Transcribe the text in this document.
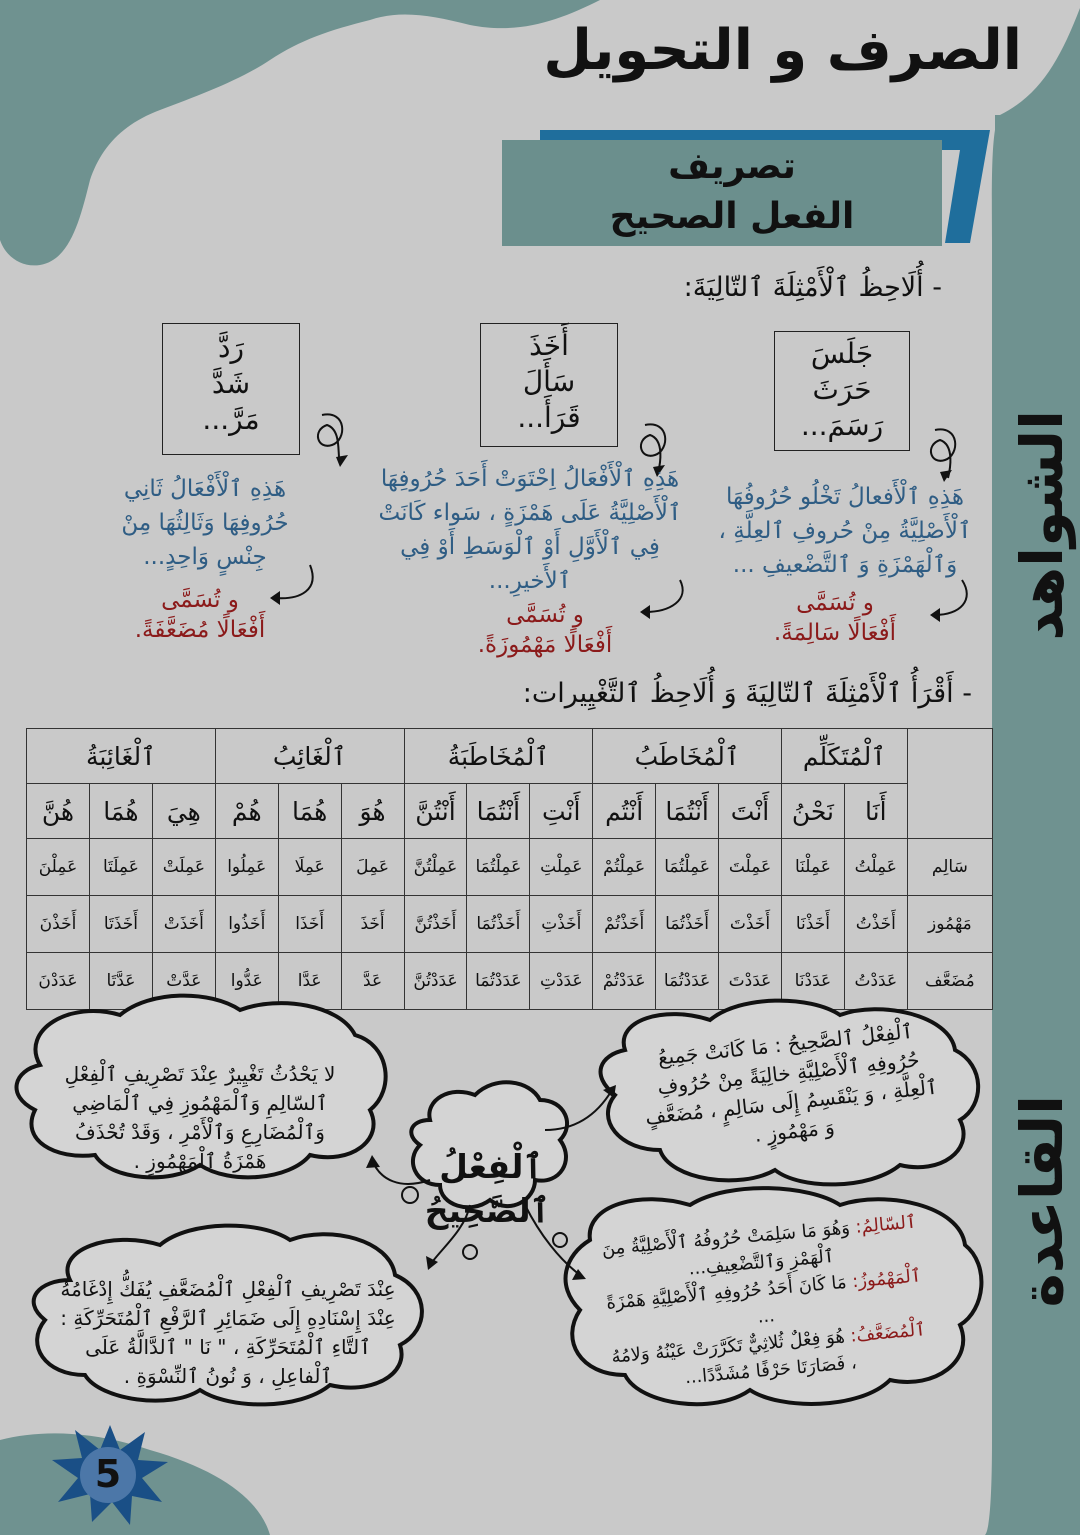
الصرف و التحويل
تصريف
الفعل الصحيح
الشواهد
القاعدة
- أُلَاحِظُ ٱلْأَمْثِلَةَ ٱلتّالِيَةَ:
جَلَسَ
حَرَثَ
رَسَمَ...
أَخَذَ
سَأَلَ
قَرَأَ...
رَدَّ
شَدَّ
مَرَّ...
هَذِهِ ٱلْأَفعالُ تَخْلُو حُرُوفُهَا ٱلْأَصْلِيَّةُ مِنْ حُروفِ ٱلعِلَّةِ ، وَٱلْهَمْزَةِ وَ ٱلتَّضْعيفِ ...
هَذِهِ ٱلْأَفْعَالُ اِحْتَوَتْ أَحَدَ حُرُوفِهَا ٱلْأَصْلِيَّةُ عَلَى هَمْزَةٍ ، سَواء كَانَتْ فِي ٱلْأَوَّلِ أَوْ ٱلْوَسَطِ أَوْ فِي ٱلأَخيرِ...
هَذِهِ ٱلْأَفْعَالُ ثَانِي حُرُوفِهَا وَثَالِثُهَا مِنْ جِنْسٍ وَاحِدٍ...
و تُسَمَّى
أَفْعَالًا سَالِمَةً.
و تُسَمَّى
أَفْعَالًا مَهْمُوزَةً.
و تُسَمَّى
أَفْعَالًا مُضَعَّفَةً.
- أَقْرَأُ ٱلْأَمْثِلَةَ ٱلتّالِيَةَ وَ أُلَاحِظُ ٱلتَّغْيِيرات:
	ٱلْمُتَكَلِّم		ٱلْمُخَاطَبُ			ٱلْمُخَاطَبَةُ			ٱلْغَائِبُ			ٱلْغَائِبَةُ		
	أَنَا	نَحْنُ	أَنْتَ	أَنْتُمَا	أَنْتُم	أَنْتِ	أَنْتُمَا	أَنْتُنَّ	هُوَ	هُمَا	هُمْ	هِيَ	هُمَا	هُنَّ
سَالِم	عَمِلْتُ	عَمِلْنَا	عَمِلْتَ	عَمِلْتُمَا	عَمِلْتُمْ	عَمِلْتِ	عَمِلْتُمَا	عَمِلْتُنَّ	عَمِلَ	عَمِلَا	عَمِلُوا	عَمِلَتْ	عَمِلَتَا	عَمِلْنَ
مَهْمُوز	أَخَذْتُ	أَخَذْنَا	أَخَذْتَ	أَخَذْتُمَا	أَخَذْتُمْ	أَخَذْتِ	أَخَذْتُمَا	أَخَذْتُنَّ	أَخَذَ	أَخَذَا	أَخَذُوا	أَخَذَتْ	أَخَذَتَا	أَخَذْنَ
مُضَعَّف	عَدَدْتُ	عَدَدْنَا	عَدَدْتَ	عَدَدْتُمَا	عَدَدْتُمْ	عَدَدْتِ	عَدَدْتُمَا	عَدَدْتُنَّ	عَدَّ	عَدَّا	عَدُّوا	عَدَّتْ	عَدَّتَا	عَدَدْنَ
ٱلْفِعْلُ
ٱلصَّحِيحُ
ٱلْفِعْلُ ٱلصَّحِيحُ : مَا كَانَتْ جَمِيعُ حُرُوفِهِ ٱلْأَصْلِيَّةِ خالِيَةً مِنْ حُرُوفِ ٱلْعِلَّةِ ، وَ يَنْقَسِمُ إِلَى سَالِمٍ ، مُضَعَّفٍ وَ مَهْمُوزٍ .
لا يَحْدُثُ تَغْيِيرٌ عِنْدَ تَصْرِيفِ ٱلْفِعْلِ ٱلسّالِمِ وَٱلْمَهْمُوزِ فِي ٱلْمَاضِي وَٱلْمُضَارِعِ وَٱلْأَمْرِ ، وَقَدْ تُحْذَفُ هَمْزَةُ ٱلْمَهْمُوزِ .
عِنْدَ تَصْرِيفِ ٱلْفِعْلِ ٱلْمُضَعَّفِ يُفَكُّ إِدْغَامُهُ عِنْدَ إِسْنَادِهِ إِلَى ضَمَائِرِ ٱلرَّفْعِ ٱلْمُتَحَرِّكَةِ : ٱلتَّاءِ ٱلْمُتَحَرِّكَةِ ، " نَا " ٱلدَّالَّةُ عَلَى ٱلْفاعِلِ ، وَ نُونُ ٱلنِّسْوَةِ .
ٱلسّالِمُ: وَهُوَ مَا سَلِمَتْ حُرُوفُهُ ٱلْأَصْلِيَّةُ مِنَ ٱلْهَمْزِ وَٱلتَّضْعِيفِ... ٱلْمَهْمُوزُ: مَا كَانَ أَحَدُ حُرُوفِهِ ٱلْأَصْلِيَّةِ هَمْزَةً ...
ٱلْمُضَعَّفُ: هُوَ فِعْلٌ ثُلاثِيٌّ تَكَرَّرَتْ عَيْنُهُ وَلامُهُ ، فَصَارَتَا حَرْفًا مُشَدَّدًا...
5
